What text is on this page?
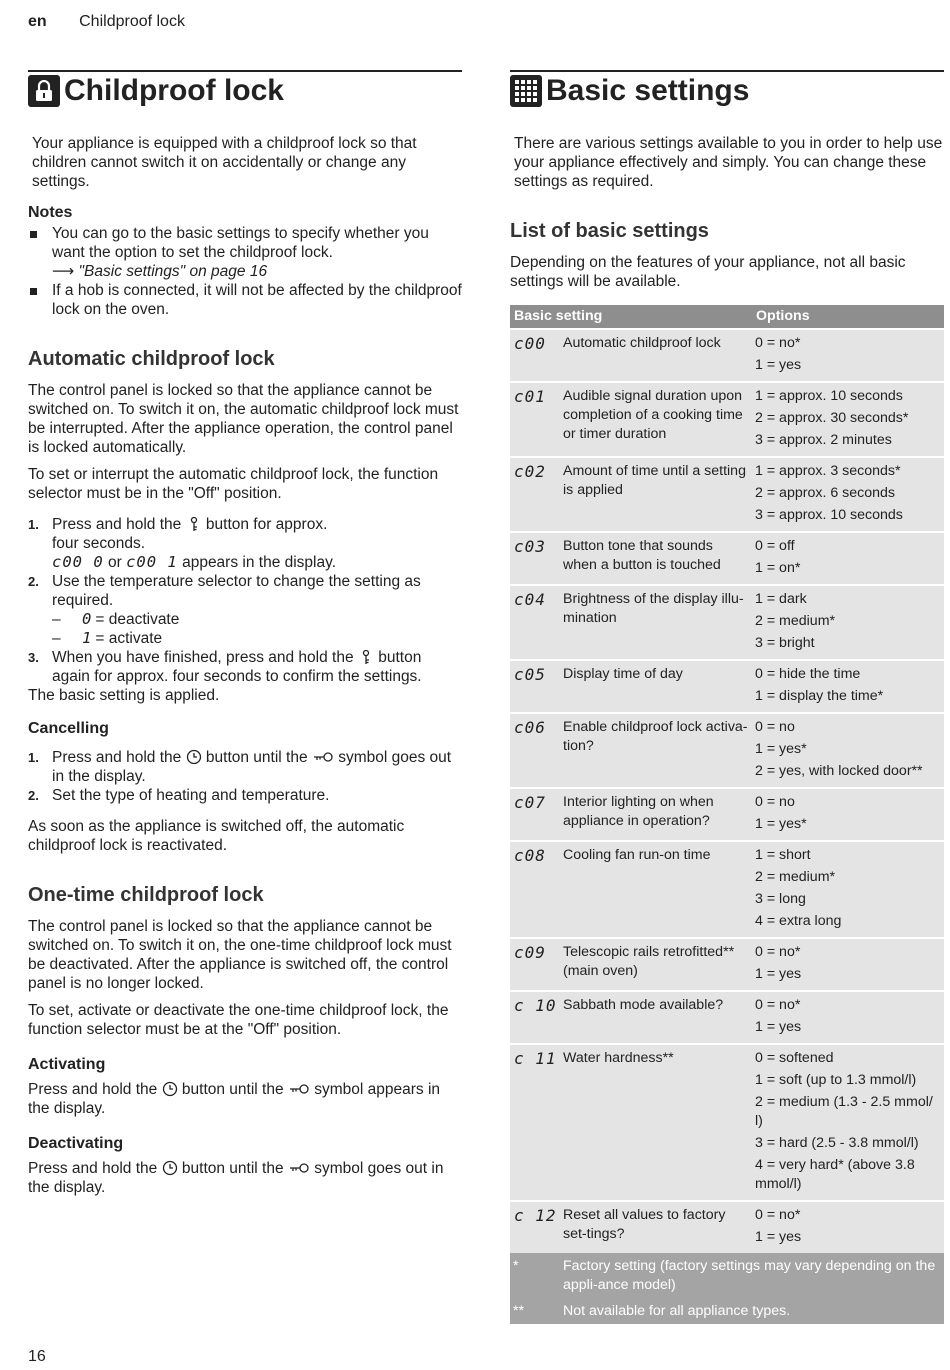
en Childproof lock
Childproof lock

Your appliance is equipped with a childproof lock so that children cannot switch it on accidentally or change any settings.

Notes
You can go to the basic settings to specify whether you want the option to set the childproof lock.
⟶ "Basic settings" on page 16
If a hob is connected, it will not be affected by the childproof lock on the oven.
Automatic childproof lock

The control panel is locked so that the appliance cannot be switched on. To switch it on, the automatic childproof lock must be interrupted. After the appliance operation, the control panel is locked automatically.

To set or interrupt the automatic childproof lock, the function selector must be in the "Off" position.

1. Press and hold the button for approx.
four seconds.
c00 0 or c00 1 appears in the display.
2. Use the temperature selector to change the setting as required.
–	0 = deactivate
–	1 = activate
3. When you have finished, press and hold the button again for approx. four seconds to confirm the settings.

The basic setting is applied.

Cancelling
1. Press and hold the button until the symbol goes out in the display.
2. Set the type of heating and temperature.

As soon as the appliance is switched off, the automatic childproof lock is reactivated.

One-time childproof lock

The control panel is locked so that the appliance cannot be switched on. To switch it on, the one-time childproof lock must be deactivated. After the appliance is switched off, the control panel is no longer locked.

To set, activate or deactivate the one-time childproof lock, the function selector must be at the "Off" position.

Activating

Press and hold the button until the symbol appears in the display.

Deactivating

Press and hold the button until the symbol goes out in the display.

Basic settings

There are various settings available to you in order to help use your appliance effectively and simply. You can change these settings as required.

List of basic settings

Depending on the features of your appliance, not all basic settings will be available.

Basic setting		Options
c00	Automatic childproof lock	0 = no*
1 = yes

c01	Audible signal duration upon completion of a cooking time or timer duration	1 = approx. 10 seconds
2 = approx. 30 seconds*
3 = approx. 2 minutes

c02	Amount of time until a setting is applied	1 = approx. 3 seconds*
2 = approx. 6 seconds
3 = approx. 10 seconds

c03	Button tone that sounds when a button is touched	0 = off
1 = on*

c04	Brightness of the display illu-mination	1 = dark
2 = medium*
3 = bright

c05	Display time of day	0 = hide the time
1 = display the time*

c06	Enable childproof lock activa-tion?	0 = no
1 = yes*
2 = yes, with locked door**

c07	Interior lighting on when appliance in operation?	0 = no
1 = yes*

c08	Cooling fan run-on time	1 = short
2 = medium*
3 = long
4 = extra long

c09	Telescopic rails retrofitted** (main oven)	0 = no*
1 = yes

c 10	Sabbath mode available?	0 = no*
1 = yes

c 11	Water hardness**	0 = softened
1 = soft (up to 1.3 mmol/l)
2 = medium (1.3 - 2.5 mmol/ l)
3 = hard (2.5 - 3.8 mmol/l)
4 = very hard* (above 3.8 mmol/l)

c 12	Reset all values to factory set-tings?	0 = no*
1 = yes

*	Factory setting (factory settings may vary depending on the appli-ance model)	
**	Not available for all appliance types.	
16
